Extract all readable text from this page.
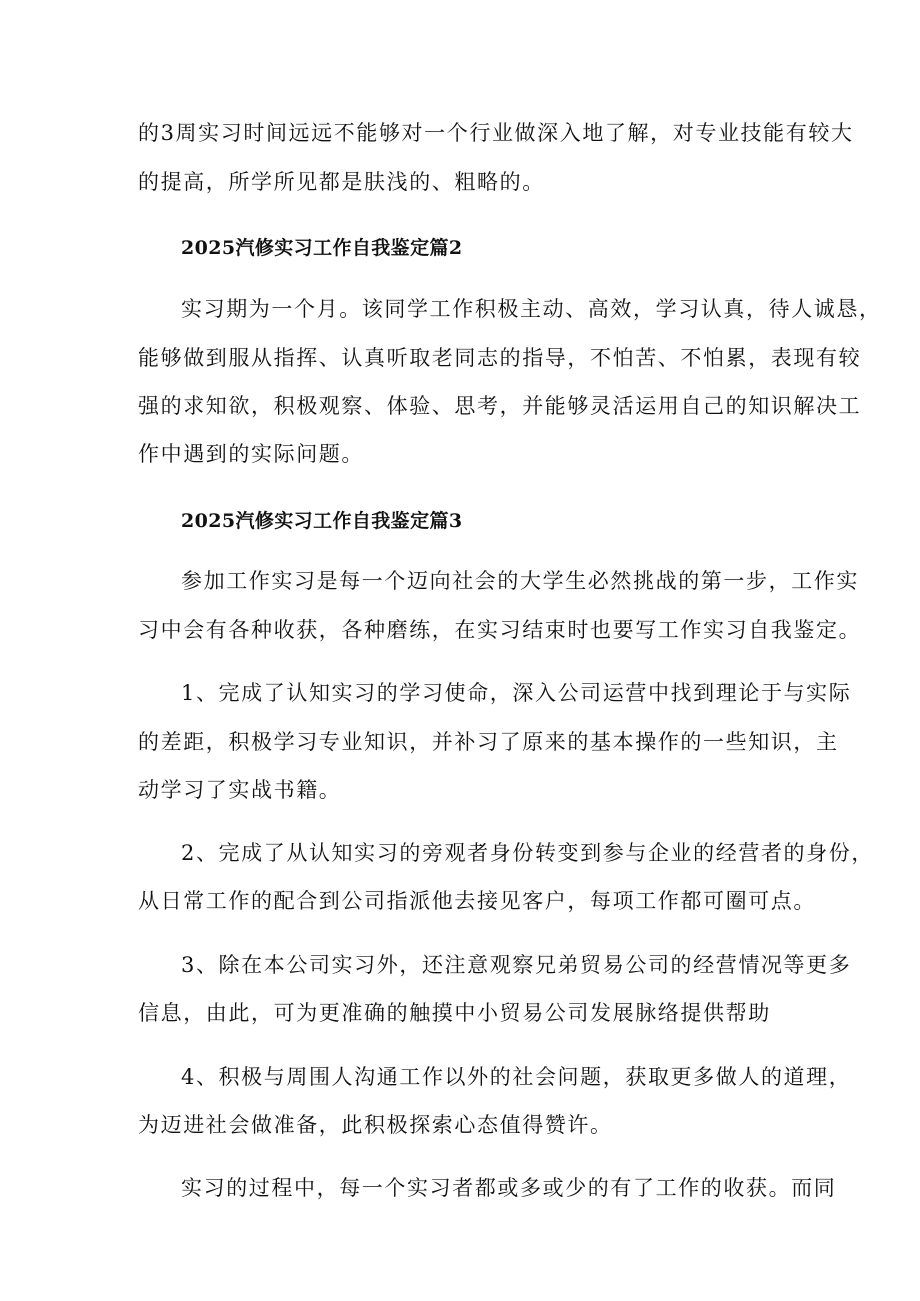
的3周实习时间远远不能够对一个行业做深入地了解，对专业技能有较大
的提高，所学所见都是肤浅的、粗略的。
2025汽修实习工作自我鉴定篇2
实习期为一个月。该同学工作积极主动、高效，学习认真，待人诚恳，
能够做到服从指挥、认真听取老同志的指导，不怕苦、不怕累，表现有较
强的求知欲，积极观察、体验、思考，并能够灵活运用自己的知识解决工
作中遇到的实际问题。
2025汽修实习工作自我鉴定篇3
参加工作实习是每一个迈向社会的大学生必然挑战的第一步，工作实
习中会有各种收获，各种磨练，在实习结束时也要写工作实习自我鉴定。
1、完成了认知实习的学习使命，深入公司运营中找到理论于与实际
的差距，积极学习专业知识，并补习了原来的基本操作的一些知识，主
动学习了实战书籍。
2、完成了从认知实习的旁观者身份转变到参与企业的经营者的身份，
从日常工作的配合到公司指派他去接见客户，每项工作都可圈可点。
3、除在本公司实习外，还注意观察兄弟贸易公司的经营情况等更多
信息，由此，可为更准确的触摸中小贸易公司发展脉络提供帮助
4、积极与周围人沟通工作以外的社会问题，获取更多做人的道理，
为迈进社会做准备，此积极探索心态值得赞许。
实习的过程中，每一个实习者都或多或少的有了工作的收获。而同
